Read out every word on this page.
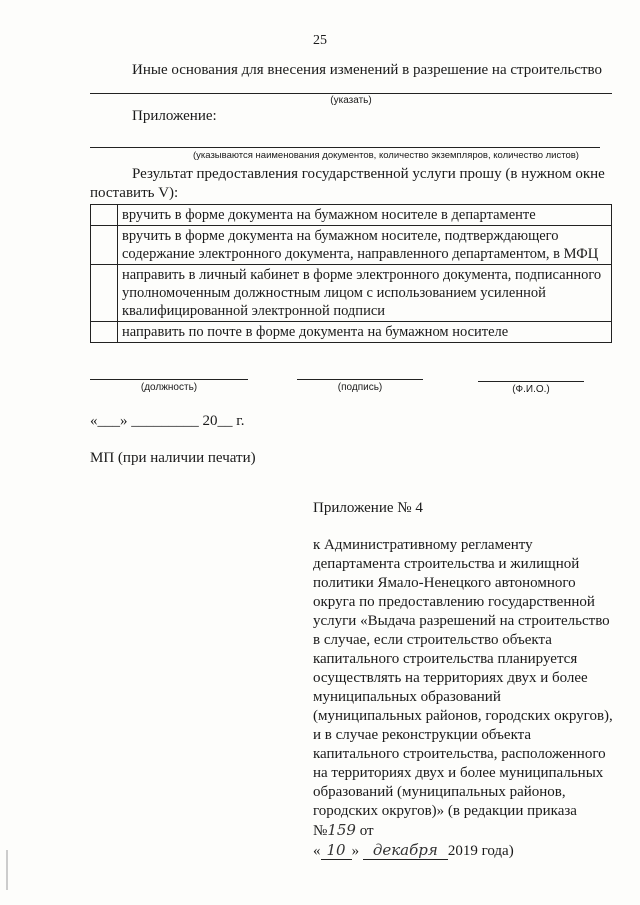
25
Иные основания для внесения изменений в разрешение на строительство
(указать)
Приложение:
(указываются наименования документов, количество экземпляров, количество листов)
Результат предоставления государственной услуги прошу (в нужном окне поставить V):
	вручить в форме документа на бумажном носителе в департаменте
	вручить в форме документа на бумажном носителе, подтверждающего содержание электронного документа, направленного департаментом, в МФЦ
	направить в личный кабинет в форме электронного документа, подписанного уполномоченным должностным лицом с использованием усиленной квалифицированной электронной подписи
	направить по почте в форме документа на бумажном носителе
(должность)	(подпись)	(Ф.И.О.)
«___» _________ 20__ г.
МП (при наличии печати)
Приложение № 4
к Административному регламенту департамента строительства и жилищной политики Ямало-Ненецкого автономного округа по предоставлению государственной услуги «Выдача разрешений на строительство в случае, если строительство объекта капитального строительства планируется осуществлять на территориях двух и более муниципальных образований (муниципальных районов, городских округов), и в случае реконструкции объекта капитального строительства, расположенного на территориях двух и более муниципальных образований (муниципальных районов, городских округов)» (в редакции приказа №159 от
« 10 » декабря 2019 года)
